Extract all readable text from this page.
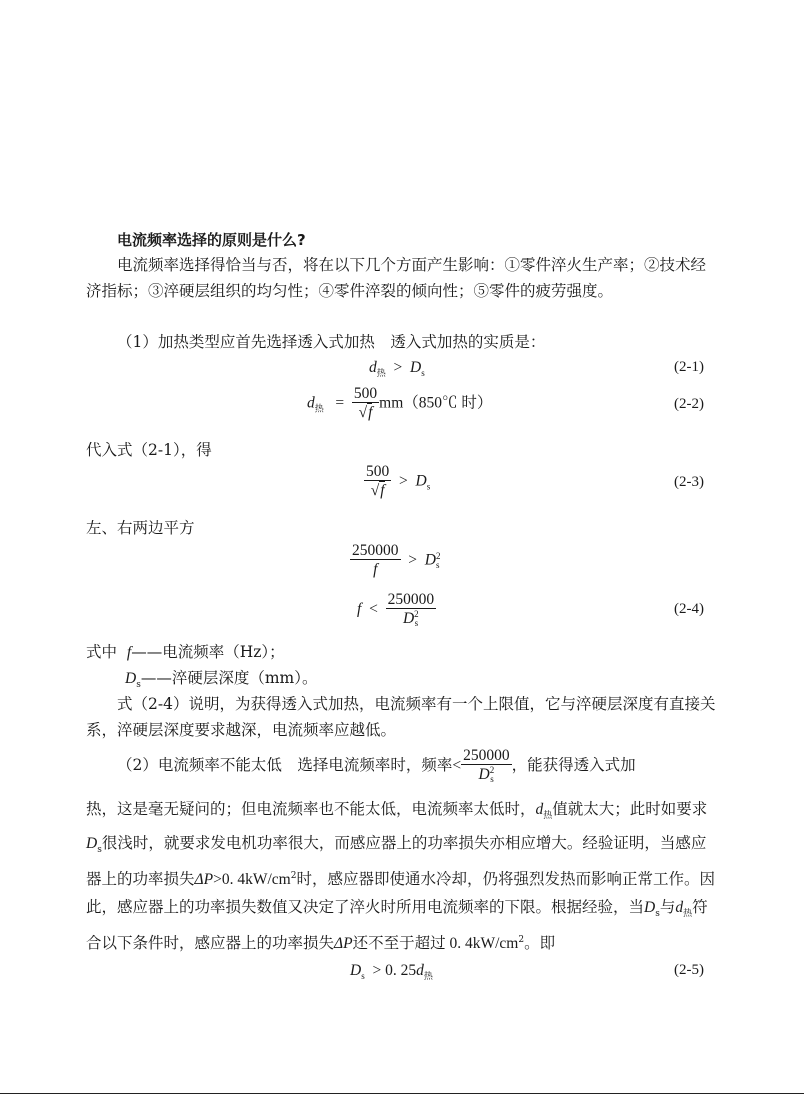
电流频率选择的原则是什么?
电流频率选择得恰当与否，将在以下几个方面产生影响：①零件淬火生产率；②技术经济指标；③淬硬层组织的均匀性；④零件淬裂的倾向性；⑤零件的疲劳强度。
（1）加热类型应首先选择透入式加热　透入式加热的实质是：
$d_热 > D_s$	(2-1)
$d_热 = \frac{500}{√f}$ mm（850℃ 时）	(2-2)
代入式（2-1），得
$\frac{500}{√f} > D_s$	(2-3)
左、右两边平方
$\frac{250000}{f} > D$ 2
s
f < 250000
D 2
s	(2-4)
式中 f——电流频率（Hz）；
$D_s——$淬硬层深度（mm）。
式（2-4）说明，为获得透入式加热，电流频率有一个上限值，它与淬硬层深度有直接关系，淬硬层深度要求越深，电流频率应越低。
（2）电流频率不能太低　选择电流频率时，频率< 250000
D 2
s ，能获得透入式加
热，这是毫无疑问的；但电流频率也不能太低，电流频率太低时，$d_热$值就太大；此时如要求$D_s$很浅时，就要求发电机功率很大，而感应器上的功率损失亦相应增大。经验证明，当感应器上的功率损失ΔP>0. $4kW/cm^2$时，感应器即使通水冷却，仍将强烈发热而影响正常工作。因此，感应器上的功率损失数值又决定了淬火时所用电流频率的下限。根据经验，当$D_s$与$d_热$符合以下条件时，感应器上的功率损失ΔP还不至于超过 0. $4kW/cm^2$。即
$D_s > 0$. $25d_热$	(2-5)
